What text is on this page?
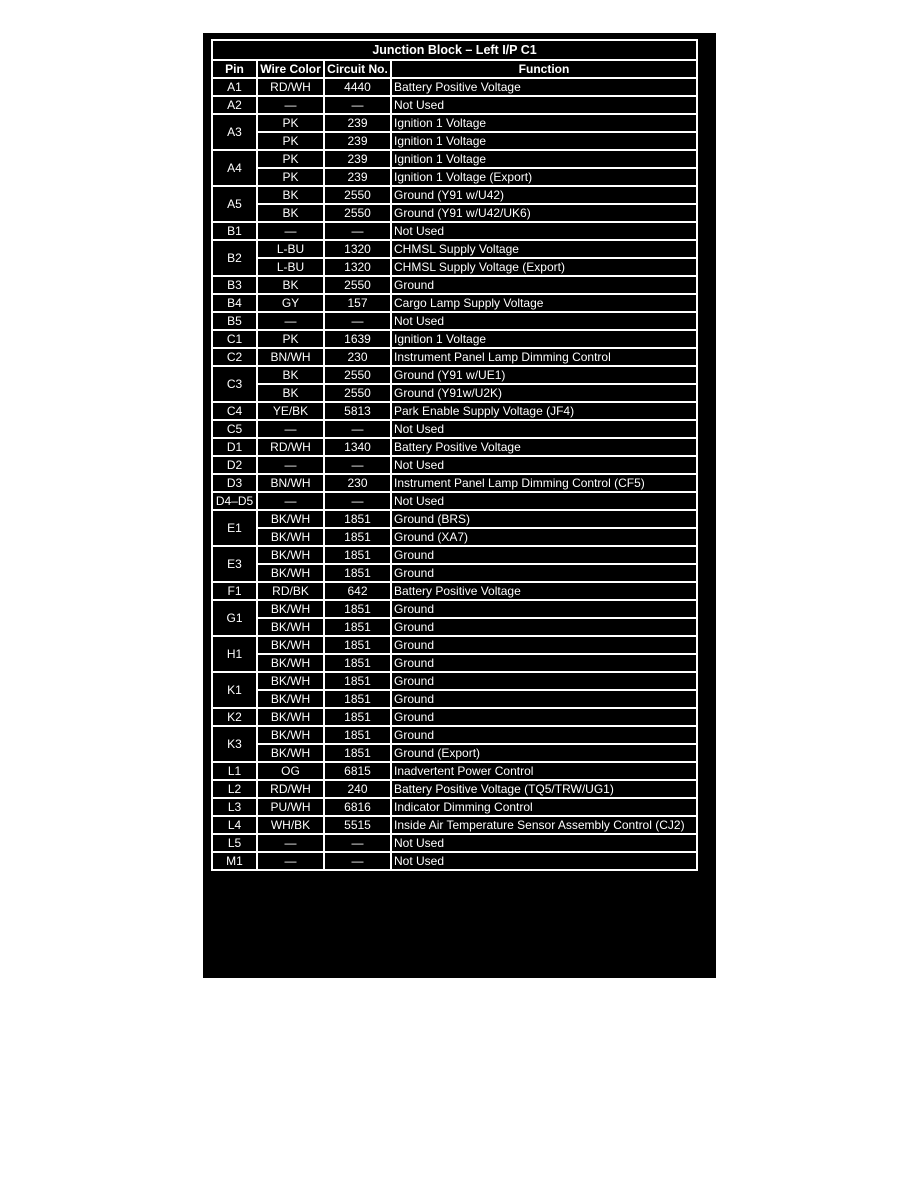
Junction Block – Left I/P C1			
Pin	Wire Color	Circuit No.	Function
A1	RD/WH	4440	Battery Positive Voltage
A2	—	—	Not Used
A3	PK	239	Ignition 1 Voltage
	PK	239	Ignition 1 Voltage
A4	PK	239	Ignition 1 Voltage
	PK	239	Ignition 1 Voltage (Export)
A5	BK	2550	Ground (Y91 w/U42)
	BK	2550	Ground (Y91 w/U42/UK6)
B1	—	—	Not Used
B2	L-BU	1320	CHMSL Supply Voltage
	L-BU	1320	CHMSL Supply Voltage (Export)
B3	BK	2550	Ground
B4	GY	157	Cargo Lamp Supply Voltage
B5	—	—	Not Used
C1	PK	1639	Ignition 1 Voltage
C2	BN/WH	230	Instrument Panel Lamp Dimming Control
C3	BK	2550	Ground (Y91 w/UE1)
	BK	2550	Ground (Y91w/U2K)
C4	YE/BK	5813	Park Enable Supply Voltage (JF4)
C5	—	—	Not Used
D1	RD/WH	1340	Battery Positive Voltage
D2	—	—	Not Used
D3	BN/WH	230	Instrument Panel Lamp Dimming Control (CF5)
D4–D5	—	—	Not Used
E1	BK/WH	1851	Ground (BRS)
	BK/WH	1851	Ground (XA7)
E3	BK/WH	1851	Ground
	BK/WH	1851	Ground
F1	RD/BK	642	Battery Positive Voltage
G1	BK/WH	1851	Ground
	BK/WH	1851	Ground
H1	BK/WH	1851	Ground
	BK/WH	1851	Ground
K1	BK/WH	1851	Ground
	BK/WH	1851	Ground
K2	BK/WH	1851	Ground
K3	BK/WH	1851	Ground
	BK/WH	1851	Ground (Export)
L1	OG	6815	Inadvertent Power Control
L2	RD/WH	240	Battery Positive Voltage (TQ5/TRW/UG1)
L3	PU/WH	6816	Indicator Dimming Control
L4	WH/BK	5515	Inside Air Temperature Sensor Assembly Control (CJ2)
L5	—	—	Not Used
M1	—	—	Not Used
